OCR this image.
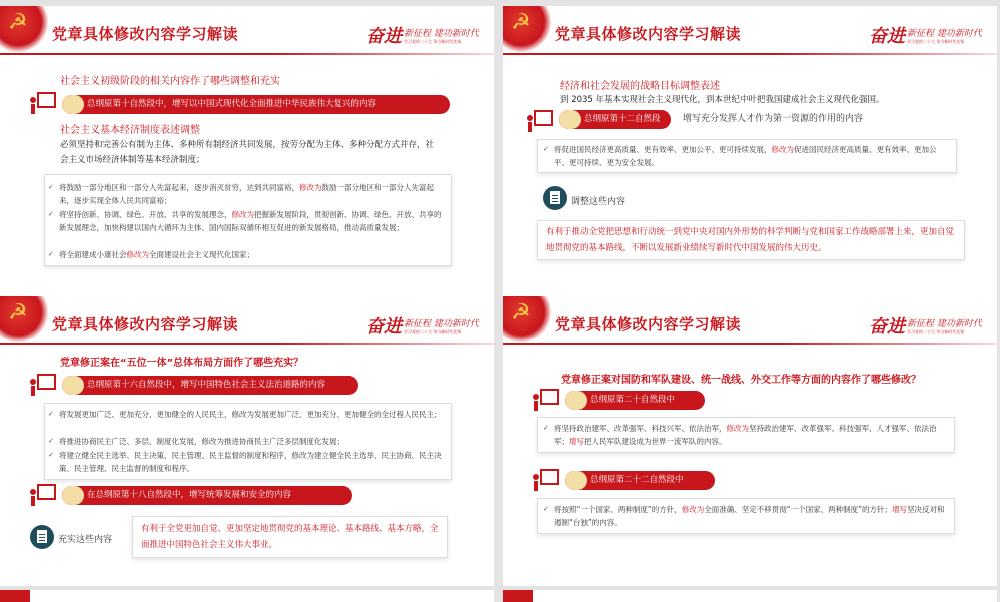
☭ 党章具体修改内容学习解读	奋进 新征程 建功新时代
学习党的二十大 争当新时代先锋
社会主义初级阶段的相关内容作了哪些调整和充实
总纲原第十自然段中，增写以中国式现代化全面推进中华民族伟大复兴的内容
社会主义基本经济制度表述调整
必须坚持和完善公有制为主体、多种所有制经济共同发展，按劳分配为主体、多种分配方式并存，社会主义市场经济体制等基本经济制度；
✓ 将鼓励一部分地区和一部分人先富起来，逐步消灭贫穷，达到共同富裕，修改为鼓励一部分地区和一部分人先富起来，逐步实现全体人民共同富裕；
✓ 将坚持创新、协调、绿色、开放、共享的发展理念，修改为把握新发展阶段，贯彻创新、协调、绿色、开放、共享的新发展理念，加快构建以国内大循环为主体、国内国际双循环相互促进的新发展格局，推动高质量发展；
✓ 将全面建成小康社会修改为全面建设社会主义现代化国家；
☭ 党章具体修改内容学习解读	奋进 新征程 建功新时代
学习党的二十大 争当新时代先锋
经济和社会发展的战略目标调整表述
到 2035 年基本实现社会主义现代化，到本世纪中叶把我国建成社会主义现代化强国。
总纲原第十二自然段 增写充分发挥人才作为第一资源的作用的内容
✓ 将促进国民经济更高质量、更有效率、更加公平、更可持续发展，修改为促进国民经济更高质量、更有效率、更加公平、更可持续、更为安全发展。
调整这些内容
有利于推动全党把思想和行动统一到党中央对国内外形势的科学判断与党和国家工作战略部署上来，更加自觉地贯彻党的基本路线，不断以发展新业绩续写新时代中国发展的伟大历史。
☭ 党章具体修改内容学习解读	奋进 新征程 建功新时代
学习党的二十大 争当新时代先锋
党章修正案在“五位一体”总体布局方面作了哪些充实？
总纲原第十六自然段中，增写中国特色社会主义法治道路的内容
✓ 将发展更加广泛、更加充分、更加健全的人民民主，修改为发展更加广泛、更加充分、更加健全的全过程人民民主；
✓ 将推进协商民主广泛、多层、制度化发展，修改为推进协商民主广泛多层制度化发展；
✓ 将建立健全民主选举、民主决策、民主管理、民主监督的制度和程序，修改为建立健全民主选举、民主协商、民主决策、民主管理、民主监督的制度和程序。
在总纲原第十八自然段中，增写统筹发展和安全的内容
充实这些内容
有利于全党更加自觉、更加坚定地贯彻党的基本理论、基本路线、基本方略，全面推进中国特色社会主义伟大事业。
☭ 党章具体修改内容学习解读	奋进 新征程 建功新时代
学习党的二十大 争当新时代先锋
党章修正案对国防和军队建设、统一战线、外交工作等方面的内容作了哪些修改？
总纲原第二十自然段中
✓ 将坚持政治建军、改革强军、科技兴军、依法治军，修改为坚持政治建军、改革强军、科技强军、人才强军、依法治军；增写把人民军队建设成为世界一流军队的内容。
总纲原第二十二自然段中
✓ 将按照“一个国家、两种制度”的方针，修改为全面准确、坚定不移贯彻“一个国家、两种制度”的方针；增写坚决反对和遏制“台独”的内容。
